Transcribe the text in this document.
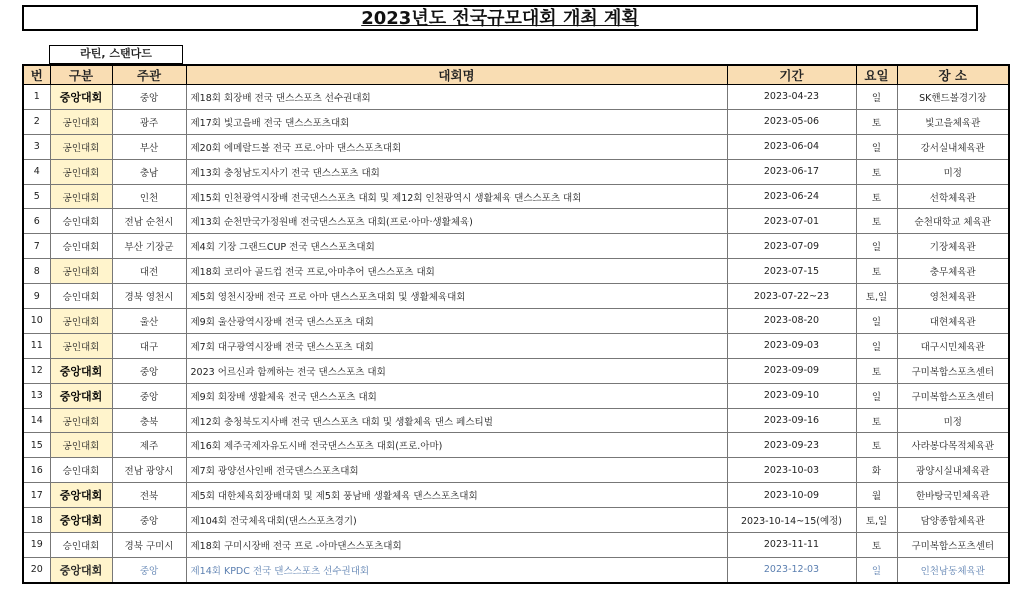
2023년도 전국규모대회 개최 계획
라틴, 스탠다드
번	구분	주관	대회명	기간	요일	장 소
1	중앙대회	중앙	제18회 회장배 전국 댄스스포츠 선수권대회	2023-04-23	일	SK핸드볼경기장
2	공인대회	광주	제17회 빛고을배 전국 댄스스포츠대회	2023-05-06	토	빛고을체육관
3	공인대회	부산	제20회 에메랄드볼 전국 프로.아마 댄스스포츠대회	2023-06-04	일	강서실내체육관
4	공인대회	충남	제13회 충청남도지사기 전국 댄스스포츠 대회	2023-06-17	토	미정
5	공인대회	인천	제15회 인천광역시장배 전국댄스스포츠 대회 및 제12회 인천광역시 생활체육 댄스스포츠 대회	2023-06-24	토	선학체육관
6	승인대회	전남 순천시	제13회 순천만국가정원배 전국댄스스포츠 대회(프로·아마·생활체육)	2023-07-01	토	순천대학교 체육관
7	승인대회	부산 기장군	제4회 기장 그랜드CUP 전국 댄스스포츠대회	2023-07-09	일	기장체육관
8	공인대회	대전	제18회 코리아 골드컵 전국 프로,아마추어 댄스스포츠 대회	2023-07-15	토	충무체육관
9	승인대회	경북 영천시	제5회 영천시장배 전국 프로 아마 댄스스포츠대회 및 생활체육대회	2023-07-22~23	토,일	영천체육관
10	공인대회	울산	제9회 울산광역시장배 전국 댄스스포츠 대회	2023-08-20	일	대현체육관
11	공인대회	대구	제7회 대구광역시장배 전국 댄스스포츠 대회	2023-09-03	일	대구시민체육관
12	중앙대회	중앙	2023 어르신과 함께하는 전국 댄스스포츠 대회	2023-09-09	토	구미복합스포츠센터
13	중앙대회	중앙	제9회 회장배 생활체육 전국 댄스스포츠 대회	2023-09-10	일	구미복합스포츠센터
14	공인대회	충북	제12회 충청북도지사배 전국 댄스스포츠 대회 및 생활체육 댄스 페스티벌	2023-09-16	토	미정
15	공인대회	제주	제16회 제주국제자유도시배 전국댄스스포츠 대회(프로.아마)	2023-09-23	토	사라봉다목적체육관
16	승인대회	전남 광양시	제7회 광양선사인배 전국댄스스포츠대회	2023-10-03	화	광양시실내체육관
17	중앙대회	전북	제5회 대한체육회장배대회 및 제5회 풍남배 생활체육 댄스스포츠대회	2023-10-09	월	한바탕국민체육관
18	중앙대회	중앙	제104회 전국체육대회(댄스스포츠경기)	2023-10-14~15(예정)	토,일	담양종합체육관
19	승인대회	경북 구미시	제18회 구미시장배 전국 프로 -아마댄스스포츠대회	2023-11-11	토	구미복합스포츠센터
20	중앙대회	중앙	제14회 KPDC 전국 댄스스포츠 선수권대회	2023-12-03	일	인천남동체육관
